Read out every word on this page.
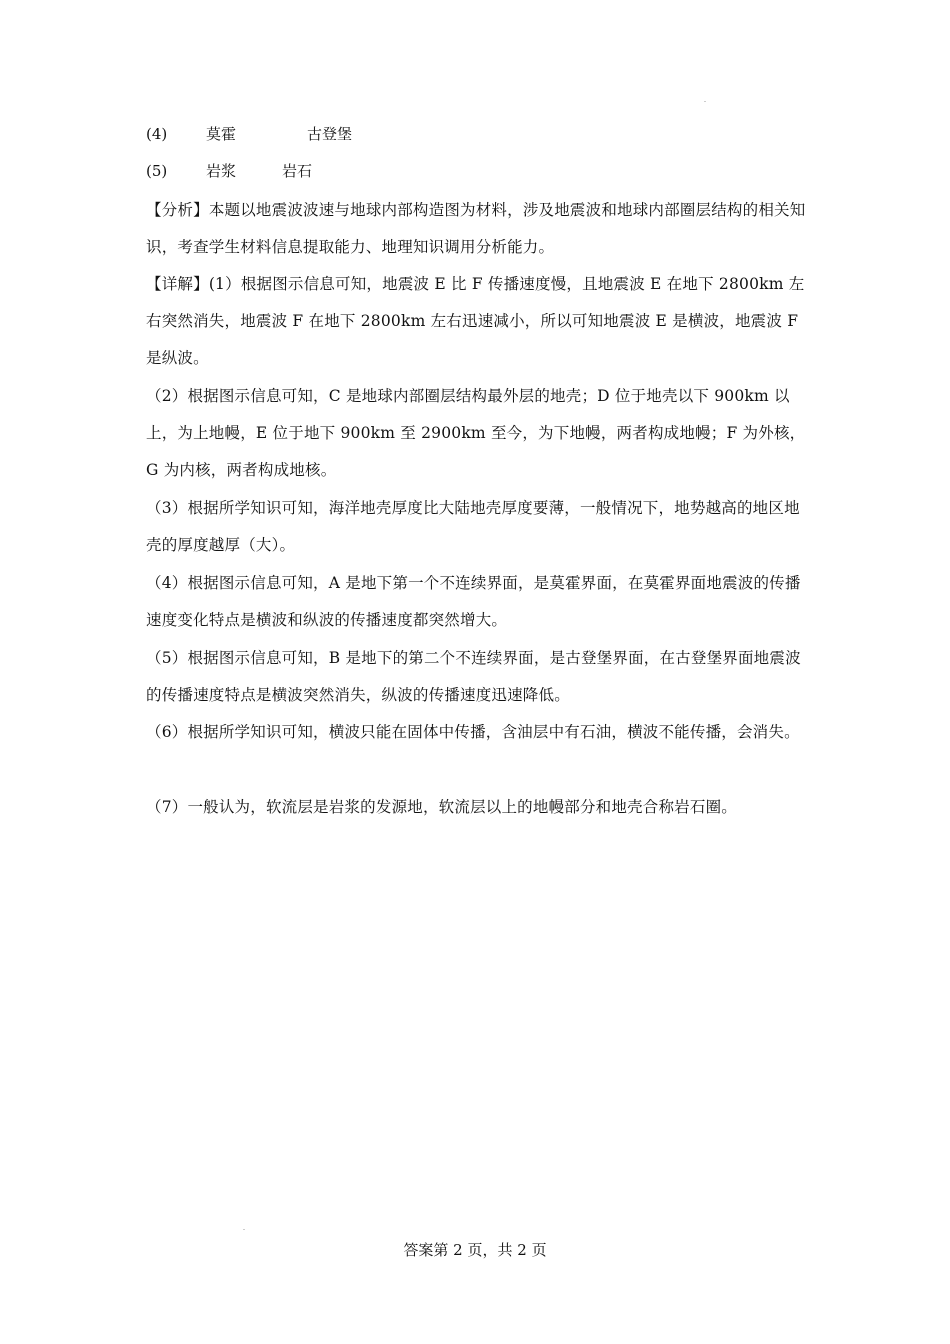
(4)	莫霍	古登堡
(5)	岩浆	岩石
【分析】本题以地震波波速与地球内部构造图为材料，涉及地震波和地球内部圈层结构的相关知识，考查学生材料信息提取能力、地理知识调用分析能力。
【详解】(1）根据图示信息可知，地震波 E 比 F 传播速度慢，且地震波 E 在地下 2800km 左右突然消失，地震波 F 在地下 2800km 左右迅速减小，所以可知地震波 E 是横波，地震波 F 是纵波。
（2）根据图示信息可知，C 是地球内部圈层结构最外层的地壳；D 位于地壳以下 900km 以上，为上地幔，E 位于地下 900km 至 2900km 至今，为下地幔，两者构成地幔；F 为外核，G 为内核，两者构成地核。
（3）根据所学知识可知，海洋地壳厚度比大陆地壳厚度要薄，一般情况下，地势越高的地区地壳的厚度越厚（大）。
（4）根据图示信息可知，A 是地下第一个不连续界面，是莫霍界面，在莫霍界面地震波的传播速度变化特点是横波和纵波的传播速度都突然增大。
（5）根据图示信息可知，B 是地下的第二个不连续界面，是古登堡界面，在古登堡界面地震波的传播速度特点是横波突然消失，纵波的传播速度迅速降低。
（6）根据所学知识可知，横波只能在固体中传播，含油层中有石油，横波不能传播，会消失。
（7）一般认为，软流层是岩浆的发源地，软流层以上的地幔部分和地壳合称岩石圈。
答案第 2 页，共 2 页
